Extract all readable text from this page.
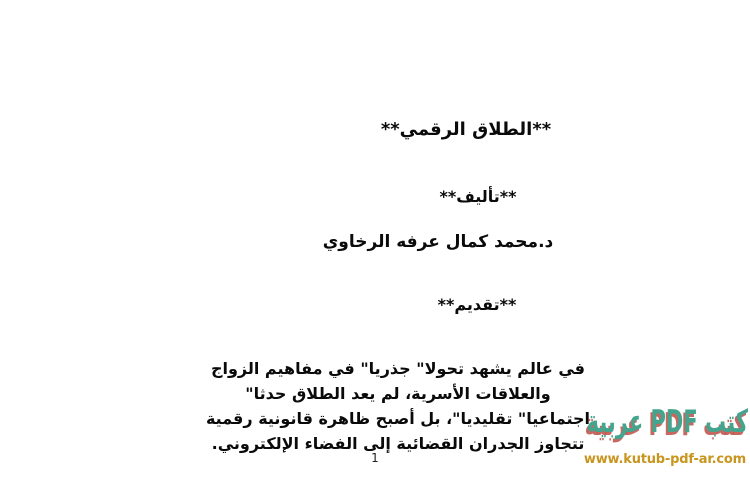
**الطلاق الرقمي**
**تأليف**
د.محمد كمال عرفه الرخاوي
**تقديم**
في عالم يشهد تحولا" جذريا" في مفاهيم الزواج
والعلاقات الأسرية، لم يعد الطلاق حدثا"
اجتماعيا" تقليديا"، بل أصبح ظاهرة قانونية رقمية
تتجاوز الجدران القضائية إلى الفضاء الإلكتروني.
1
كتب PDF عربية
www.kutub-pdf-ar.com
